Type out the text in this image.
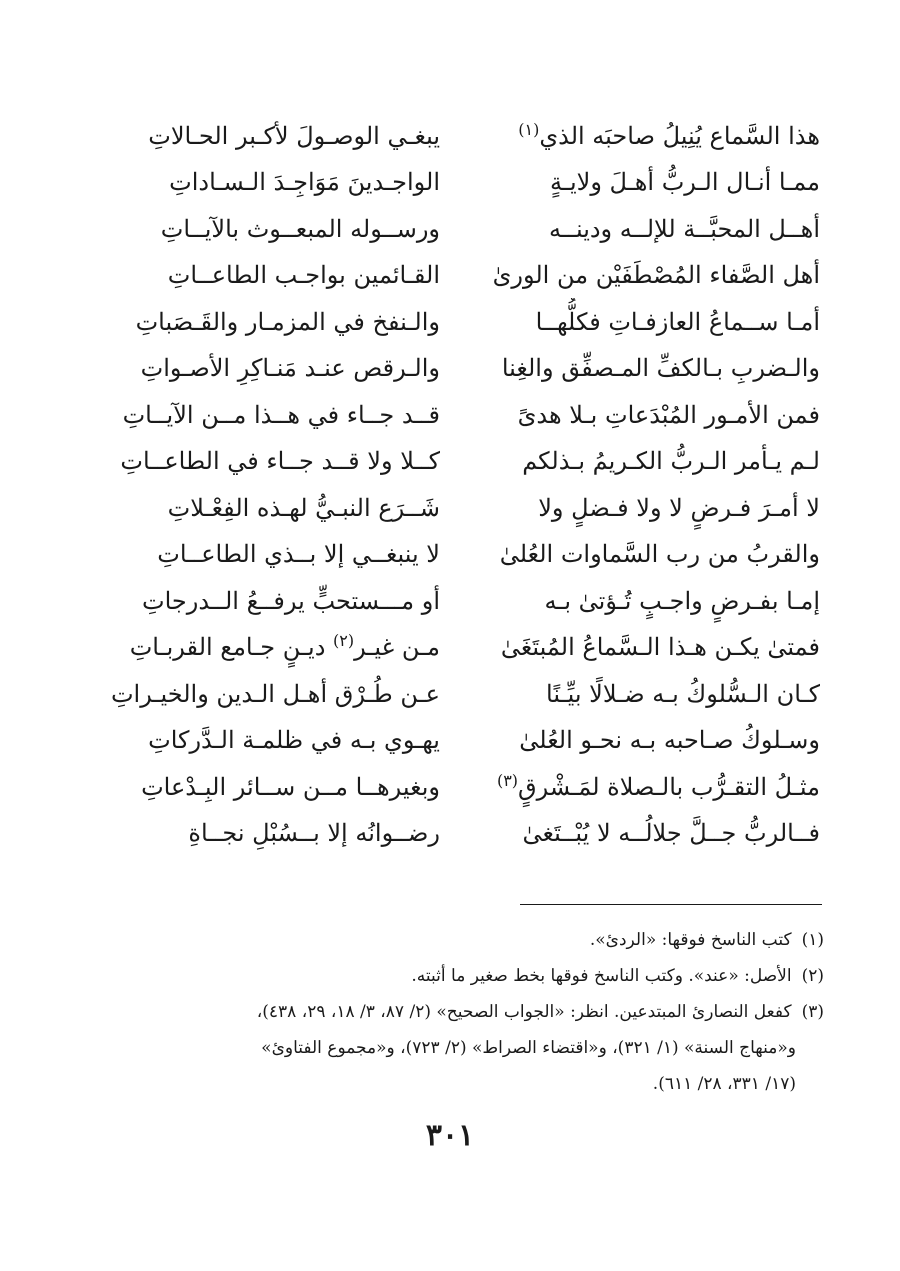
هذا السَّماع يُنِيلُ صاحبَه الذي$^{(١)}$
يبغـي الوصـولَ لأكـبر الحـالاتِ
ممـا أنـال الـربُّ أهـلَ ولايـةٍ
الواجـدينَ مَوَاجِـدَ الـسـاداتِ
أهــل المحبَّــة للإلــه ودينــه
ورســوله المبعــوث بالآيــاتِ
أهل الصَّفاء المُصْطَفَيْن من الورىٰ
القـائمين بواجـب الطاعــاتِ
أمـا ســماعُ العازفـاتِ فكلُّهــا
والـنفخ في المزمـار والقَـصَباتِ
والـضربِ بـالكفِّ المـصفِّق والغِنا
والـرقص عنـد مَنـاكِرِ الأصـواتِ
فمن الأمـور المُبْدَعاتِ بـلا هدىً
قــد جــاء في هــذا مــن الآيــاتِ
لـم يـأمر الـربُّ الكـريمُ بـذلكم
كــلا ولا قــد جــاء في الطاعــاتِ
لا أمـرَ فـرضٍ لا ولا فـضلٍ ولا
شَــرَع النبـيُّ لهـذه الفِعْـلاتِ
والقربُ من رب السَّماوات العُلىٰ
لا ينبغــي إلا بــذي الطاعــاتِ
إمـا بفـرضٍ واجـبٍ تُـؤتىٰ بـه
أو مـــستحبٍّ يرفــعُ الــدرجاتِ
فمتىٰ يكـن هـذا الـسَّماعُ المُبتَغَىٰ
مـن غيـر$^{(٢)}$ ديـنٍ جـامع القربـاتِ
كـان الـسُّلوكُ بـه ضـلالًا بيِّـنًا
عـن طُـرْق أهـل الـدين والخيـراتِ
وسـلوكُ صـاحبه بـه نحـو العُلىٰ
يهـوي بـه في ظلمـة الـدَّركاتِ
مثـلُ التقـرُّب بالـصلاة لمَـشْرقٍ$^{(٣)}$
وبغيرهــا مــن ســائر البِـدْعاتِ
فــالربُّ جــلَّ جلالُــه لا يُبْــتَغىٰ
رضــوانُه إلا بــسُبْلِ نجــاةِ
(١)كتب الناسخ فوقها: «الردئ».
(٢)الأصل: «عند». وكتب الناسخ فوقها بخط صغير ما أثبته.
(٣)كفعل النصارئ المبتدعين. انظر: «الجواب الصحيح» (٢/ ٨٧، ٣/ ١٨، ٢٩، ٤٣٨)،
و«منهاج السنة» (١/ ٣٢١)، و«اقتضاء الصراط» (٢/ ٧٢٣)، و«مجموع الفتاوئ»
(١٧/ ٣٣١، ٢٨/ ٦١١).
٣٠١
